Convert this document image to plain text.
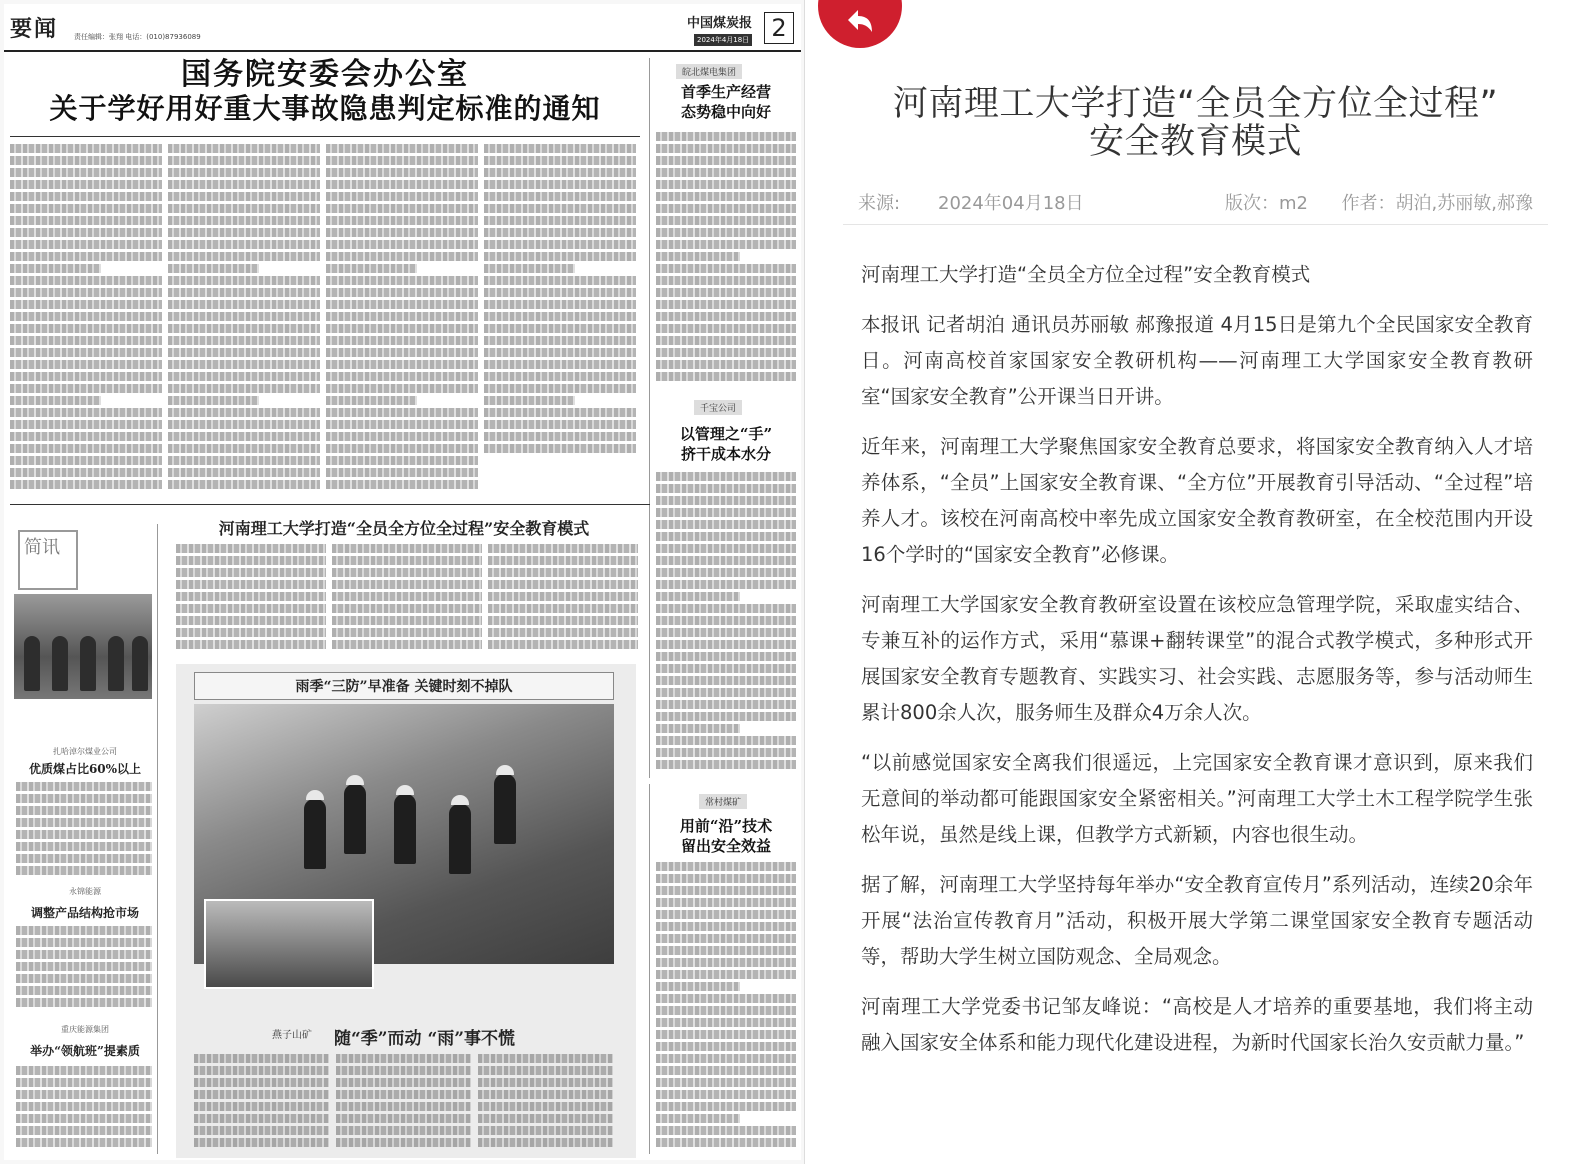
要闻 责任编辑：张翔 电话：(010)87936089
中国煤炭报
2024年4月18日 2
国务院安委会办公室
关于学好用好重大事故隐患判定标准的通知
皖北煤电集团
首季生产经营
态势稳中向好
千宝公司
以管理之“手”
挤干成本水分
河南理工大学打造“全员全方位全过程”安全教育模式
简讯
扎哈淖尔煤业公司
优质煤占比60%以上
永锦能源
调整产品结构抢市场
重庆能源集团
举办“领航班”提素质
雨季“三防”早准备 关键时刻不掉队
燕子山矿 随“季”而动 “雨”事不慌
常村煤矿
用前“沿”技术
留出安全效益
河南理工大学打造“全员全方位全过程”
安全教育模式
来源: 2024年04月18日	版次：m2 作者：胡泊,苏丽敏,郝豫

河南理工大学打造“全员全方位全过程”安全教育模式

本报讯 记者胡泊 通讯员苏丽敏 郝豫报道 4月15日是第九个全民国家安全教育日。河南高校首家国家安全教研机构——河南理工大学国家安全教育教研室“国家安全教育”公开课当日开讲。

近年来，河南理工大学聚焦国家安全教育总要求，将国家安全教育纳入人才培养体系，“全员”上国家安全教育课、“全方位”开展教育引导活动、“全过程”培养人才。该校在河南高校中率先成立国家安全教育教研室，在全校范围内开设16个学时的“国家安全教育”必修课。

河南理工大学国家安全教育教研室设置在该校应急管理学院，采取虚实结合、专兼互补的运作方式，采用“慕课+翻转课堂”的混合式教学模式，多种形式开展国家安全教育专题教育、实践实习、社会实践、志愿服务等，参与活动师生累计800余人次，服务师生及群众4万余人次。

“以前感觉国家安全离我们很遥远，上完国家安全教育课才意识到，原来我们无意间的举动都可能跟国家安全紧密相关。”河南理工大学土木工程学院学生张松年说，虽然是线上课，但教学方式新颖，内容也很生动。

据了解，河南理工大学坚持每年举办“安全教育宣传月”系列活动，连续20余年开展“法治宣传教育月”活动，积极开展大学第二课堂国家安全教育专题活动等，帮助大学生树立国防观念、全局观念。

河南理工大学党委书记邹友峰说：“高校是人才培养的重要基地，我们将主动融入国家安全体系和能力现代化建设进程，为新时代国家长治久安贡献力量。”
